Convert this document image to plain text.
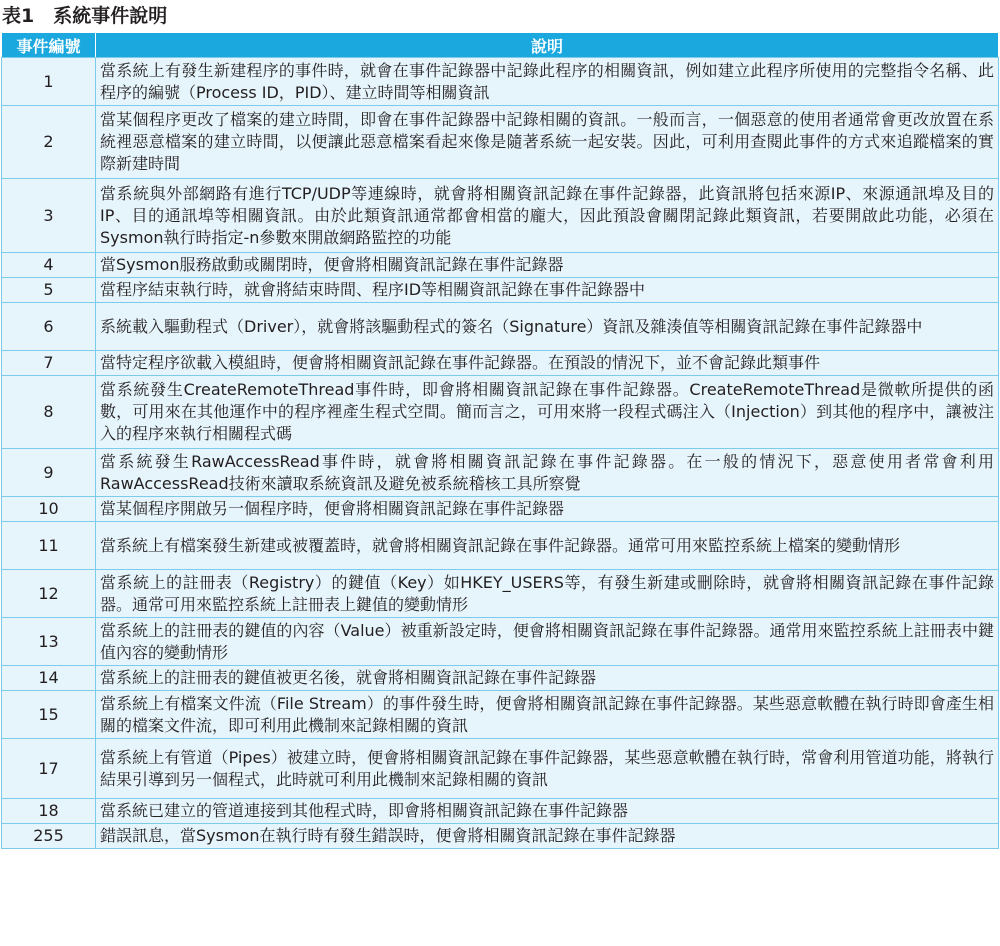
表1　系統事件說明
事件編號	說明
1	當系統上有發生新建程序的事件時，就會在事件記錄器中記錄此程序的相關資訊，例如建立此程序所使用的完整指令名稱、此程序的編號（Process ID，PID）、建立時間等相關資訊
2	當某個程序更改了檔案的建立時間，即會在事件記錄器中記錄相關的資訊。一般而言，一個惡意的使用者通常會更改放置在系統裡惡意檔案的建立時間，以便讓此惡意檔案看起來像是隨著系統一起安裝。因此，可利用查閱此事件的方式來追蹤檔案的實際新建時間
3	當系統與外部網路有進行TCP/UDP等連線時，就會將相關資訊記錄在事件記錄器，此資訊將包括來源IP、來源通訊埠及目的IP、目的通訊埠等相關資訊。由於此類資訊通常都會相當的龐大，因此預設會關閉記錄此類資訊，若要開啟此功能，必須在Sysmon執行時指定-n參數來開啟網路監控的功能
4	當Sysmon服務啟動或關閉時，便會將相關資訊記錄在事件記錄器
5	當程序結束執行時，就會將結束時間、程序ID等相關資訊記錄在事件記錄器中
6	系統載入驅動程式（Driver），就會將該驅動程式的簽名（Signature）資訊及雜湊值等相關資訊記錄在事件記錄器中
7	當特定程序欲載入模組時，便會將相關資訊記錄在事件記錄器。在預設的情況下，並不會記錄此類事件
8	當系統發生CreateRemoteThread事件時，即會將相關資訊記錄在事件記錄器。CreateRemoteThread是微軟所提供的函數，可用來在其他運作中的程序裡產生程式空間。簡而言之，可用來將一段程式碼注入（Injection）到其他的程序中，讓被注入的程序來執行相關程式碼
9	當系統發生RawAccessRead事件時，就會將相關資訊記錄在事件記錄器。在一般的情況下，惡意使用者常會利用RawAccessRead技術來讀取系統資訊及避免被系統稽核工具所察覺
10	當某個程序開啟另一個程序時，便會將相關資訊記錄在事件記錄器
11	當系統上有檔案發生新建或被覆蓋時，就會將相關資訊記錄在事件記錄器。通常可用來監控系統上檔案的變動情形
12	當系統上的註冊表（Registry）的鍵值（Key）如HKEY_USERS等，有發生新建或刪除時，就會將相關資訊記錄在事件記錄器。通常可用來監控系統上註冊表上鍵值的變動情形
13	當系統上的註冊表的鍵值的內容（Value）被重新設定時，便會將相關資訊記錄在事件記錄器。通常用來監控系統上註冊表中鍵值內容的變動情形
14	當系統上的註冊表的鍵值被更名後，就會將相關資訊記錄在事件記錄器
15	當系統上有檔案文件流（File Stream）的事件發生時，便會將相關資訊記錄在事件記錄器。某些惡意軟體在執行時即會產生相關的檔案文件流，即可利用此機制來記錄相關的資訊
17	當系統上有管道（Pipes）被建立時，便會將相關資訊記錄在事件記錄器，某些惡意軟體在執行時，常會利用管道功能，將執行結果引導到另一個程式，此時就可利用此機制來記錄相關的資訊
18	當系統已建立的管道連接到其他程式時，即會將相關資訊記錄在事件記錄器
255	錯誤訊息，當Sysmon在執行時有發生錯誤時，便會將相關資訊記錄在事件記錄器
